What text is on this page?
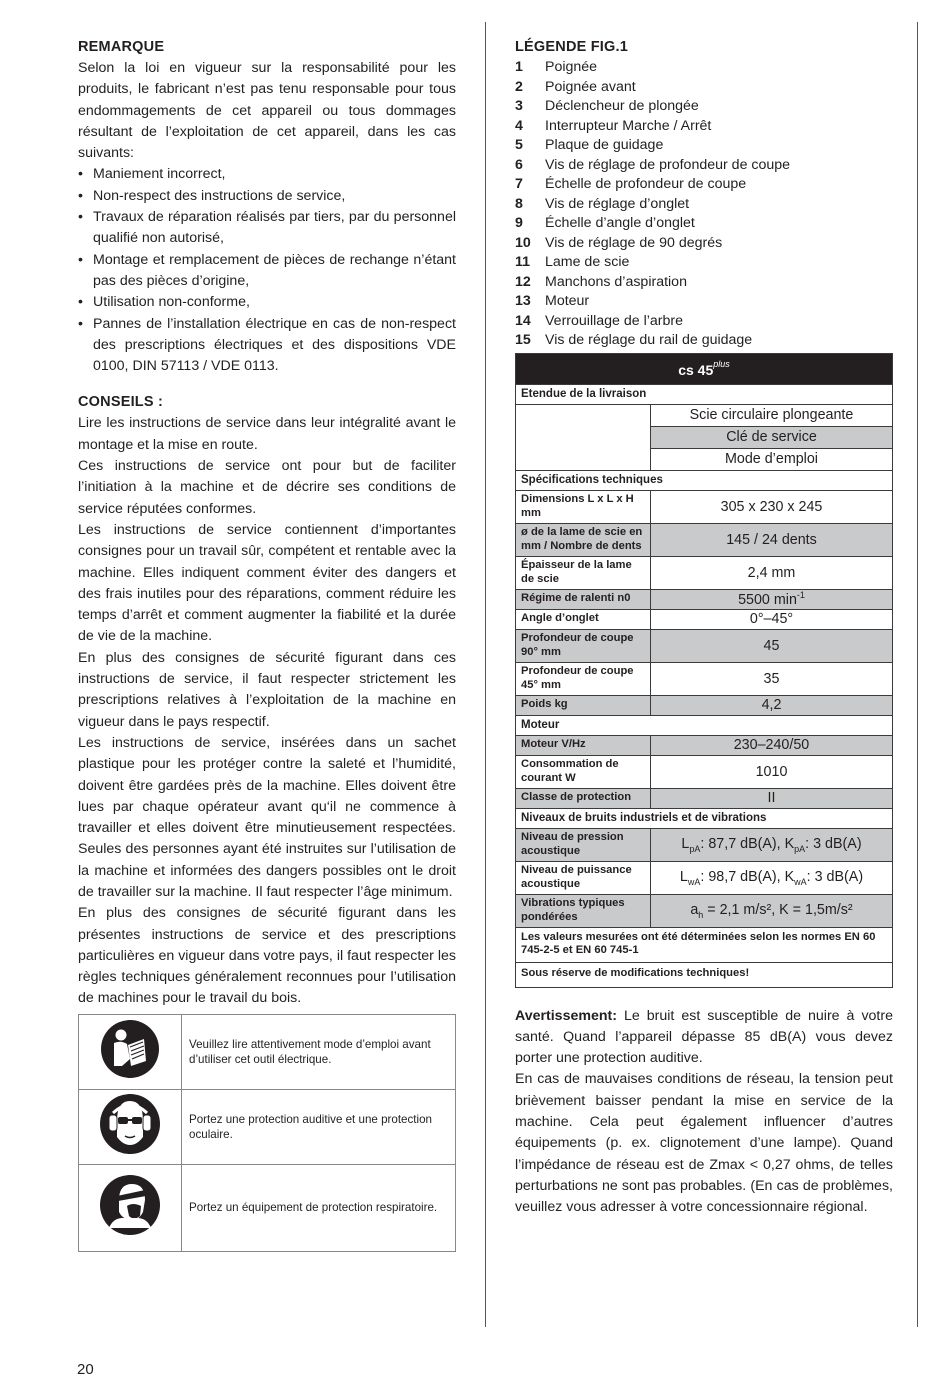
REMARQUE

Selon la loi en vigueur sur la responsabilité pour les produits, le fabricant n’est pas tenu responsable pour tous endommagements de cet appareil ou tous dommages résultant de l’exploitation de cet appareil, dans les cas suivants:

• Maniement incorrect,
• Non-respect des instructions de service,
• Travaux de réparation réalisés par tiers, par du personnel qualifié non autorisé,
• Montage et remplacement de pièces de rechange n’étant pas des pièces d’origine,
• Utilisation non-conforme,
• Pannes de l’installation électrique en cas de non-respect des prescriptions électriques et des dispositions VDE 0100, DIN 57113 / VDE 0113.
CONSEILS :

Lire les instructions de service dans leur intégralité avant le montage et la mise en route.

Ces instructions de service ont pour but de faciliter l’initiation à la machine et de décrire ses conditions de service réputées conformes.

Les instructions de service contiennent d’importantes consignes pour un travail sûr, compétent et rentable avec la machine. Elles indiquent comment éviter des dangers et des frais inutiles pour des réparations, comment réduire les temps d’arrêt et comment augmenter la fiabilité et la durée de vie de la machine.

En plus des consignes de sécurité figurant dans ces instructions de service, il faut respecter strictement les prescriptions relatives à l’exploitation de la machine en vigueur dans le pays respectif.

Les instructions de service, insérées dans un sachet plastique pour les protéger contre la saleté et l’humidité, doivent être gardées près de la machine. Elles doivent être lues par chaque opérateur avant qu‘il ne commence à travailler et elles doivent être minutieusement respectées. Seules des personnes ayant été instruites sur l’utilisation de la machine et informées des dangers possibles ont le droit de travailler sur la machine. Il faut respecter l’âge minimum.

En plus des consignes de sécurité figurant dans les présentes instructions de service et des prescriptions particulières en vigueur dans votre pays, il faut respecter les règles techniques généralement reconnues pour l’utilisation de machines pour le travail du bois.

	Veuillez lire attentivement mode d’emploi avant d’utiliser cet outil électrique.
	Portez une protection auditive et une protection oculaire.
	Portez un équipement de protection respiratoire.
LÉGENDE FIG.1
1	Poignée
2	Poignée avant
3	Déclencheur de plongée
4	Interrupteur Marche / Arrêt
5	Plaque de guidage
6	Vis de réglage de profondeur de coupe
7	Échelle de profondeur de coupe
8	Vis de réglage d’onglet
9	Échelle d’angle d’onglet
10	Vis de réglage de 90 degrés
11	Lame de scie
12	Manchons d’aspiration
13	Moteur
14	Verrouillage de l’arbre
15	Vis de réglage du rail de guidage
cs $45^{plus}$
Etendue de la livraison	
	Scie circulaire plongeante
	Clé de service
	Mode d’emploi
Spécifications techniques	
Dimensions L x L x H mm	305 x 230 x 245
ø de la lame de scie en mm / Nombre de dents	145 / 24 dents
Épaisseur de la lame de scie	2,4 mm
Régime de ralenti n0	5500 $\min^{-1}$
Angle d’onglet	0°–45°
Profondeur de coupe 90° mm	45
Profondeur de coupe 45° mm	35
Poids kg	4,2
Moteur	
Moteur V/Hz	230–240/50
Consommation de courant W	1010
Classe de protection	II
Niveaux de bruits industriels et de vibrations	
Niveau de pression acoustique	$L_{pA}$: 87,7 dB(A), $K_{pA}$: 3 dB(A)
Niveau de puissance acoustique	$L_{wA}$: 98,7 dB(A), $K_{wA}$: 3 dB(A)
Vibrations typiques pondérées	$a_h = 2,1$ m/s², K = 1,5m/s²
Les valeurs mesurées ont été déterminées selon les normes EN 60 745-2-5 et EN 60 745-1	
Sous réserve de modifications techniques!	

Avertissement: Le bruit est susceptible de nuire à votre santé. Quand l’appareil dépasse 85 dB(A) vous devez porter une protection auditive.

En cas de mauvaises conditions de réseau, la tension peut brièvement baisser pendant la mise en service de la machine. Cela peut également influencer d’autres équipements (p. ex. clignotement d’une lampe). Quand l’impédance de réseau est de Zmax < 0,27 ohms, de telles perturbations ne sont pas probables. (En cas de problèmes, veuillez vous adresser à votre concessionnaire régional.

20
